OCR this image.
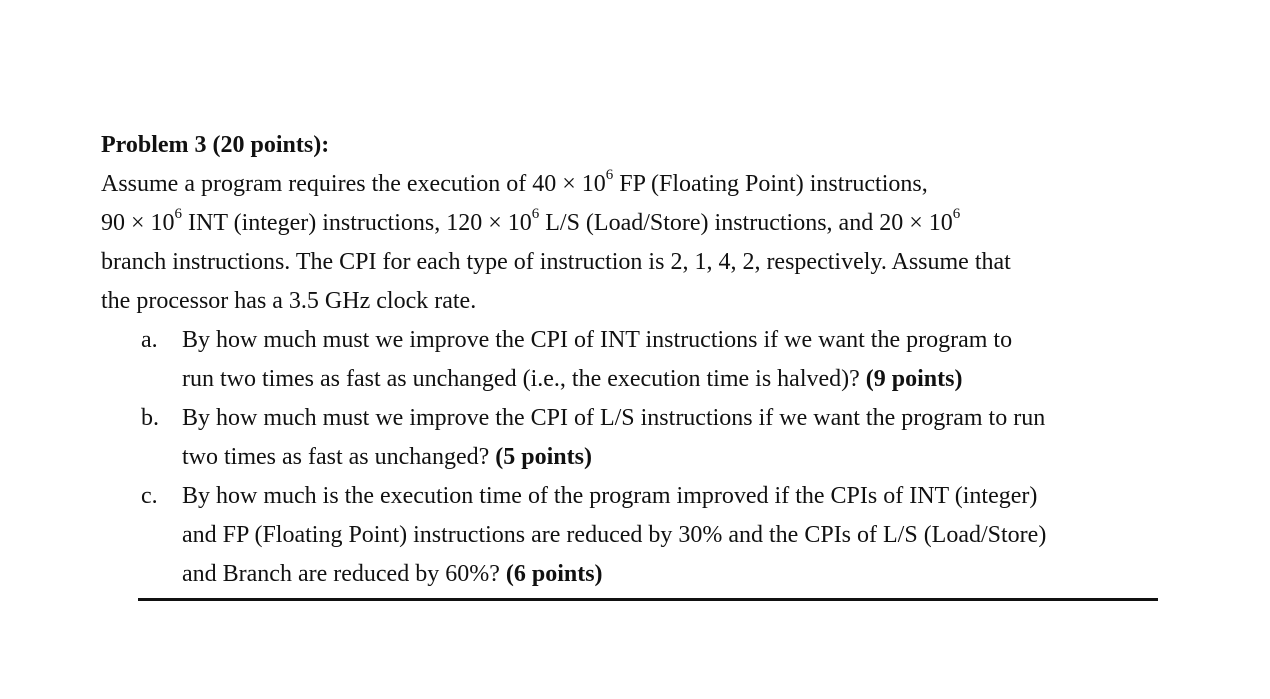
Problem 3 (20 points):

Assume a program requires the execution of $40 \times 10^6$ FP (Floating Point) instructions,
$90 \times 10^6$ INT (integer) instructions, $120 \times 10^6$ L/S (Load/Store) instructions, and $20 \times 10^6$
branch instructions. The CPI for each type of instruction is 2, 1, 4, 2, respectively. Assume that
the processor has a 3.5 GHz clock rate.
a. By how much must we improve the CPI of INT instructions if we want the program to
run two times as fast as unchanged (i.e., the execution time is halved)? (9 points)
b. By how much must we improve the CPI of L/S instructions if we want the program to run
two times as fast as unchanged? (5 points)
c. By how much is the execution time of the program improved if the CPIs of INT (integer)
and FP (Floating Point) instructions are reduced by 30% and the CPIs of L/S (Load/Store)
and Branch are reduced by 60%? (6 points)
